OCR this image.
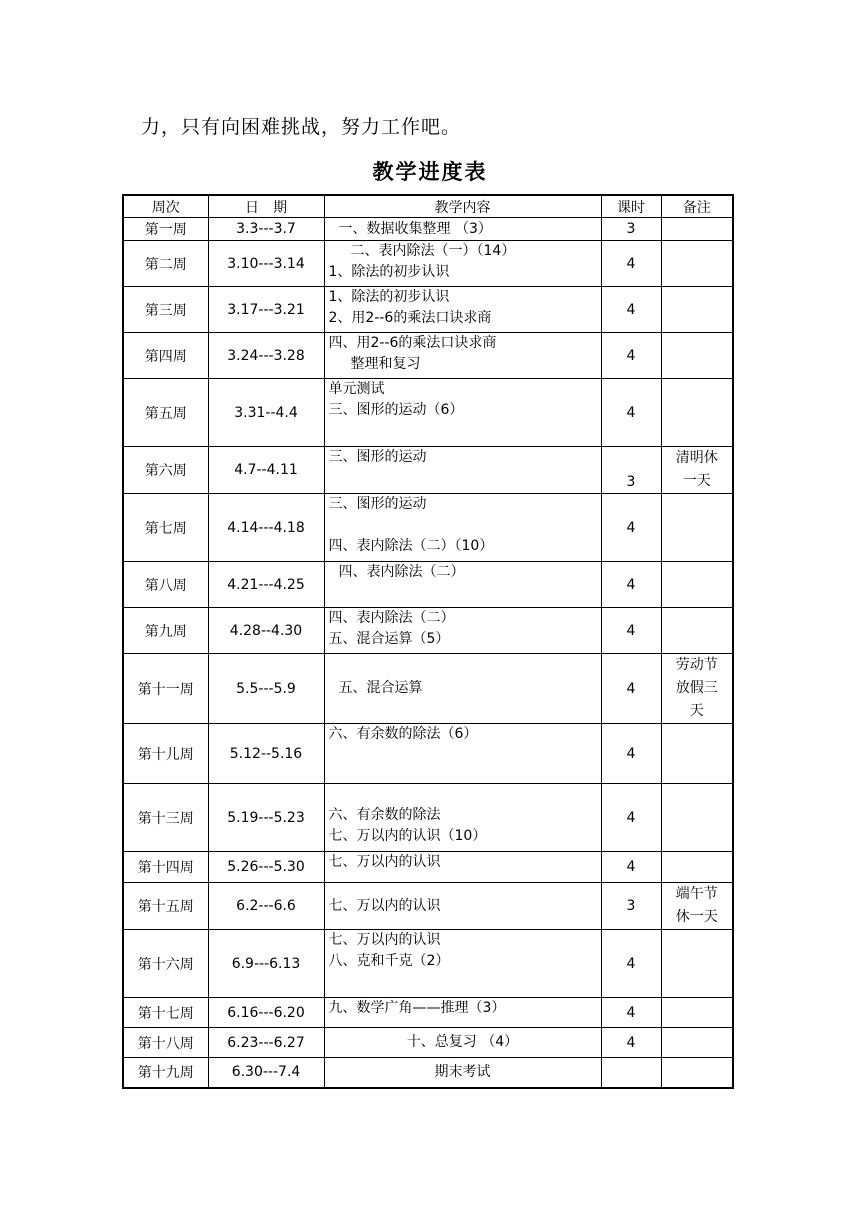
力，只有向困难挑战，努力工作吧。
教学进度表
周次	日　期	教学内容	课时	备注
第一周	3.3---3.7	一、数据收集整理 （3）	3	
第二周	3.10---3.14	二、表内除法（一）（14）
1、除法的初步认识	4	
第三周	3.17---3.21	1、除法的初步认识
2、用2--6的乘法口诀求商	4	
第四周	3.24---3.28	四、用2--6的乘法口诀求商
整理和复习	4	
第五周	3.31--4.4	单元测试
三、图形的运动（6）	4	
第六周	4.7--4.11	三、图形的运动	3	清明休
一天

第七周	4.14---4.18	三、图形的运动
四、表内除法（二）（10）	4	
第八周	4.21---4.25	四、表内除法（二）	4	
第九周	4.28--4.30	四、表内除法（二）
五、混合运算（5）	4	
第十一周	5.5---5.9	五、混合运算	4	劳动节
放假三
天

第十儿周	5.12--5.16	六、有余数的除法（6）	4	
第十三周	5.19---5.23	六、有余数的除法
七、万以内的认识（10）	4	
第十四周	5.26---5.30	七、万以内的认识	4	
第十五周	6.2---6.6	七、万以内的认识	3	端午节
休一天

第十六周	6.9---6.13	七、万以内的认识
八、克和千克（2）	4	
第十七周	6.16---6.20	九、数学广角——推理（3）	4	
第十八周	6.23---6.27	十、总复习 （4）	4	
第十九周	6.30---7.4	期末考试		
